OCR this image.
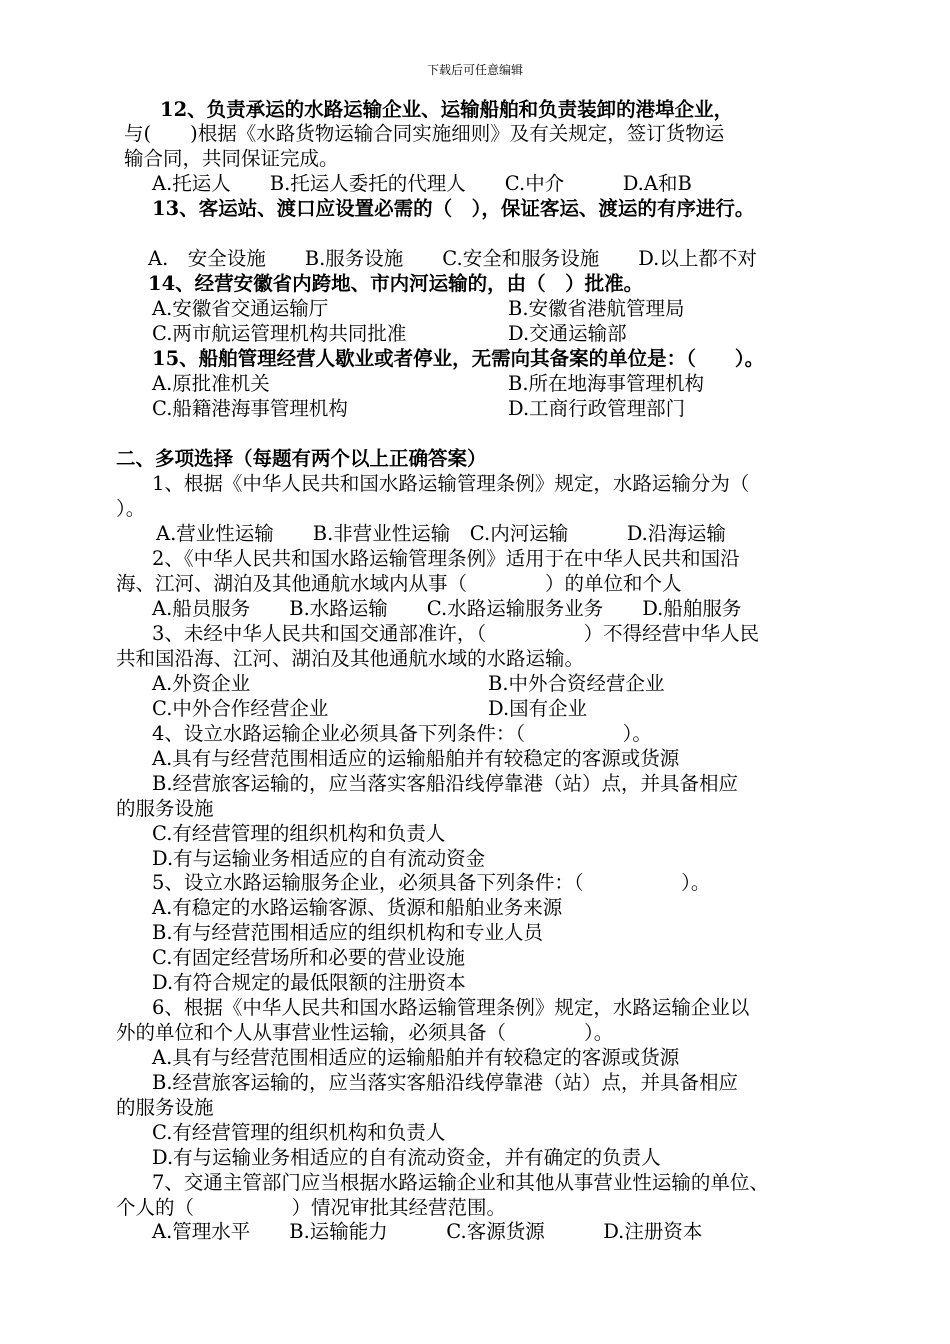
下载后可任意编辑
12、负责承运的水路运输企业、运输船舶和负责装卸的港埠企业，
与(　　)根据《水路货物运输合同实施细则》及有关规定，签订货物运
输合同，共同保证完成。
A.托运人　　B.托运人委托的代理人　　C.中介　　　D.A和B
13、客运站、渡口应设置必需的（　），保证客运、渡运的有序进行。
A.　安全设施　　B.服务设施　　C.安全和服务设施　　D.以上都不对
14、经营安徽省内跨地、市内河运输的，由（　）批准。
A.安徽省交通运输厅	B.安徽省港航管理局
C.两市航运管理机构共同批准	D.交通运输部
15、船舶管理经营人歇业或者停业，无需向其备案的单位是：（　　）。
A.原批准机关	B.所在地海事管理机构
C.船籍港海事管理机构	D.工商行政管理部门
二、多项选择（每题有两个以上正确答案）
1、根据《中华人民共和国水路运输管理条例》规定，水路运输分为（
）。
A.营业性运输　　B.非营业性运输　C.内河运输　　　D.沿海运输
2、《中华人民共和国水路运输管理条例》适用于在中华人民共和国沿
海、江河、湖泊及其他通航水域内从事（　　　　）的单位和个人
A.船员服务　　B.水路运输　　C.水路运输服务业务　　D.船舶服务
3、未经中华人民共和国交通部准许，（　　　　　）不得经营中华人民
共和国沿海、江河、湖泊及其他通航水域的水路运输。
A.外资企业	B.中外合资经营企业
C.中外合作经营企业	D.国有企业
4、设立水路运输企业必须具备下列条件：（　　　　　）。
A.具有与经营范围相适应的运输船舶并有较稳定的客源或货源
B.经营旅客运输的，应当落实客船沿线停靠港（站）点，并具备相应
的服务设施
C.有经营管理的组织机构和负责人
D.有与运输业务相适应的自有流动资金
5、设立水路运输服务企业，必须具备下列条件：（　　　　　）。
A.有稳定的水路运输客源、货源和船舶业务来源
B.有与经营范围相适应的组织机构和专业人员
C.有固定经营场所和必要的营业设施
D.有符合规定的最低限额的注册资本
6、根据《中华人民共和国水路运输管理条例》规定，水路运输企业以
外的单位和个人从事营业性运输，必须具备（　　　　）。
A.具有与经营范围相适应的运输船舶并有较稳定的客源或货源
B.经营旅客运输的，应当落实客船沿线停靠港（站）点，并具备相应
的服务设施
C.有经营管理的组织机构和负责人
D.有与运输业务相适应的自有流动资金，并有确定的负责人
7、交通主管部门应当根据水路运输企业和其他从事营业性运输的单位、
个人的（　　　　　）情况审批其经营范围。
A.管理水平　　B.运输能力　　　C.客源货源　　　D.注册资本
